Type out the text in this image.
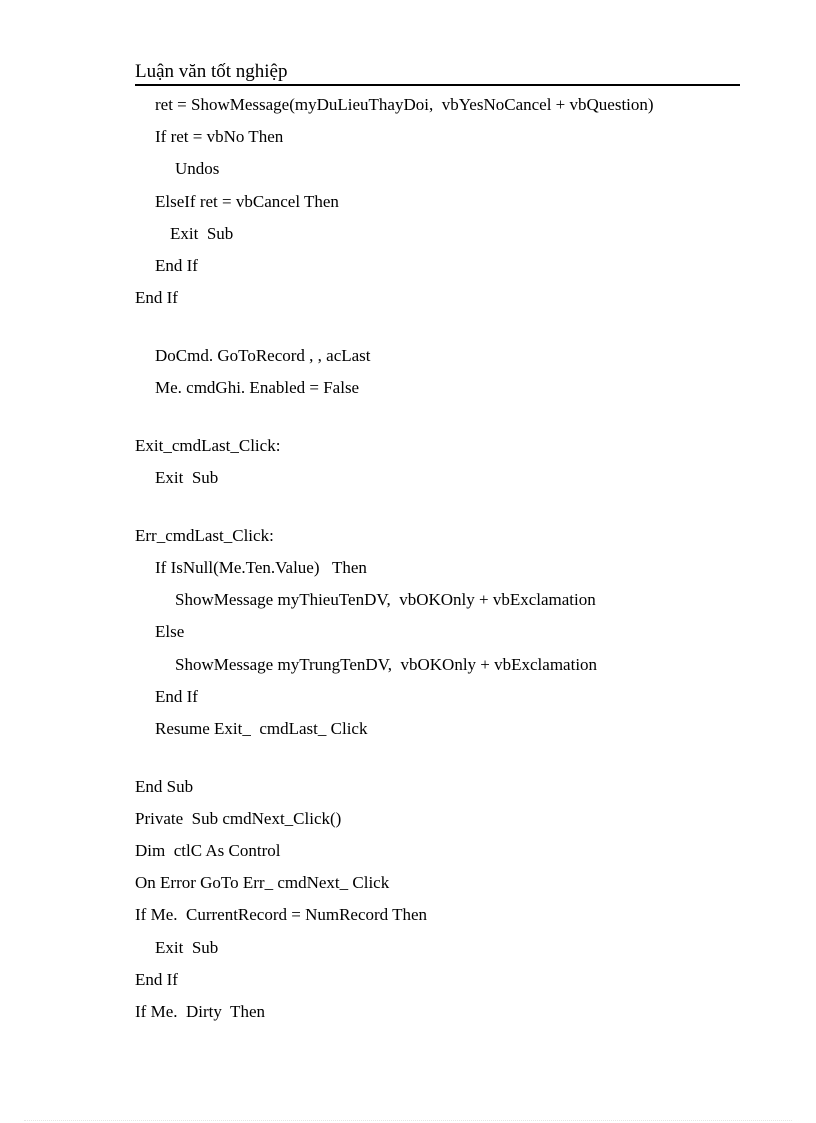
Luận văn tốt nghiệp
ret = ShowMessage(myDuLieuThayDoi,  vbYesNoCancel + vbQuestion)
If ret = vbNo Then
Undos
ElseIf ret = vbCancel Then
Exit  Sub
End If
End If
DoCmd. GoToRecord , , acLast
Me. cmdGhi. Enabled = False
Exit_cmdLast_Click:
Exit  Sub
Err_cmdLast_Click:
If IsNull(Me.Ten.Value)   Then
ShowMessage myThieuTenDV,  vbOKOnly + vbExclamation
Else
ShowMessage myTrungTenDV,  vbOKOnly + vbExclamation
End If
Resume Exit_  cmdLast_ Click
End Sub
Private  Sub cmdNext_Click()
Dim  ctlC As Control
On Error GoTo Err_ cmdNext_ Click
If Me.  CurrentRecord = NumRecord Then
Exit  Sub
End If
If Me.  Dirty  Then
